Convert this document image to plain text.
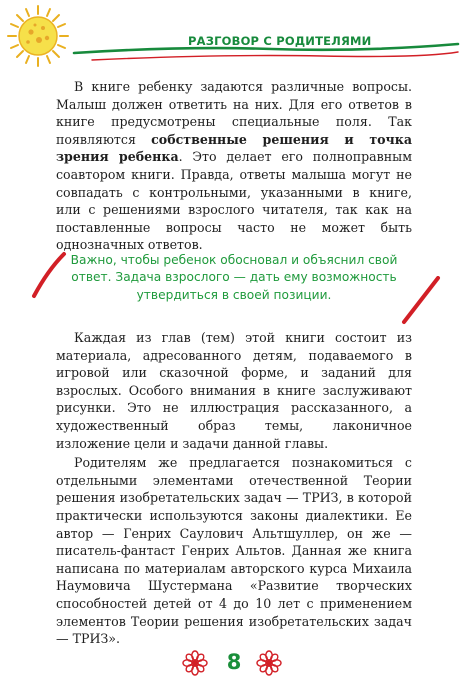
РАЗГОВОР С РОДИТЕЛЯМИ

В книге ребенку задаются различные вопросы. Малыш должен ответить на них. Для его ответов в книге предусмотрены специальные поля. Так появляются собственные решения и точка зрения ребенка. Это делает его полноправным соавтором книги. Правда, ответы малыша могут не совпадать с контрольными, указанными в книге, или с решениями взрослого читателя, так как на поставленные вопросы часто не может быть однозначных ответов.

Важно, чтобы ребенок обосновал и объяснил свой ответ. Задача взрослого — дать ему возможность утвердиться в своей позиции.

Каждая из глав (тем) этой книги состоит из материала, адресованного детям, подаваемого в игровой или сказочной форме, и заданий для взрослых. Особого внимания в книге заслуживают рисунки. Это не иллюстрация рассказанного, а художественный образ темы, лаконичное изложение цели и задачи данной главы.

Родителям же предлагается познакомиться с отдельными элементами отечественной Теории решения изобретательских задач — ТРИЗ, в которой практически используются законы диалектики. Ее автор — Генрих Саулович Альтшуллер, он же — писатель-фантаст Генрих Альтов. Данная же книга написана по материалам авторского курса Михаила Наумовича Шустермана «Развитие творческих способностей детей от 4 до 10 лет с применением элементов Теории решения изобретательских задач — ТРИЗ».

8
